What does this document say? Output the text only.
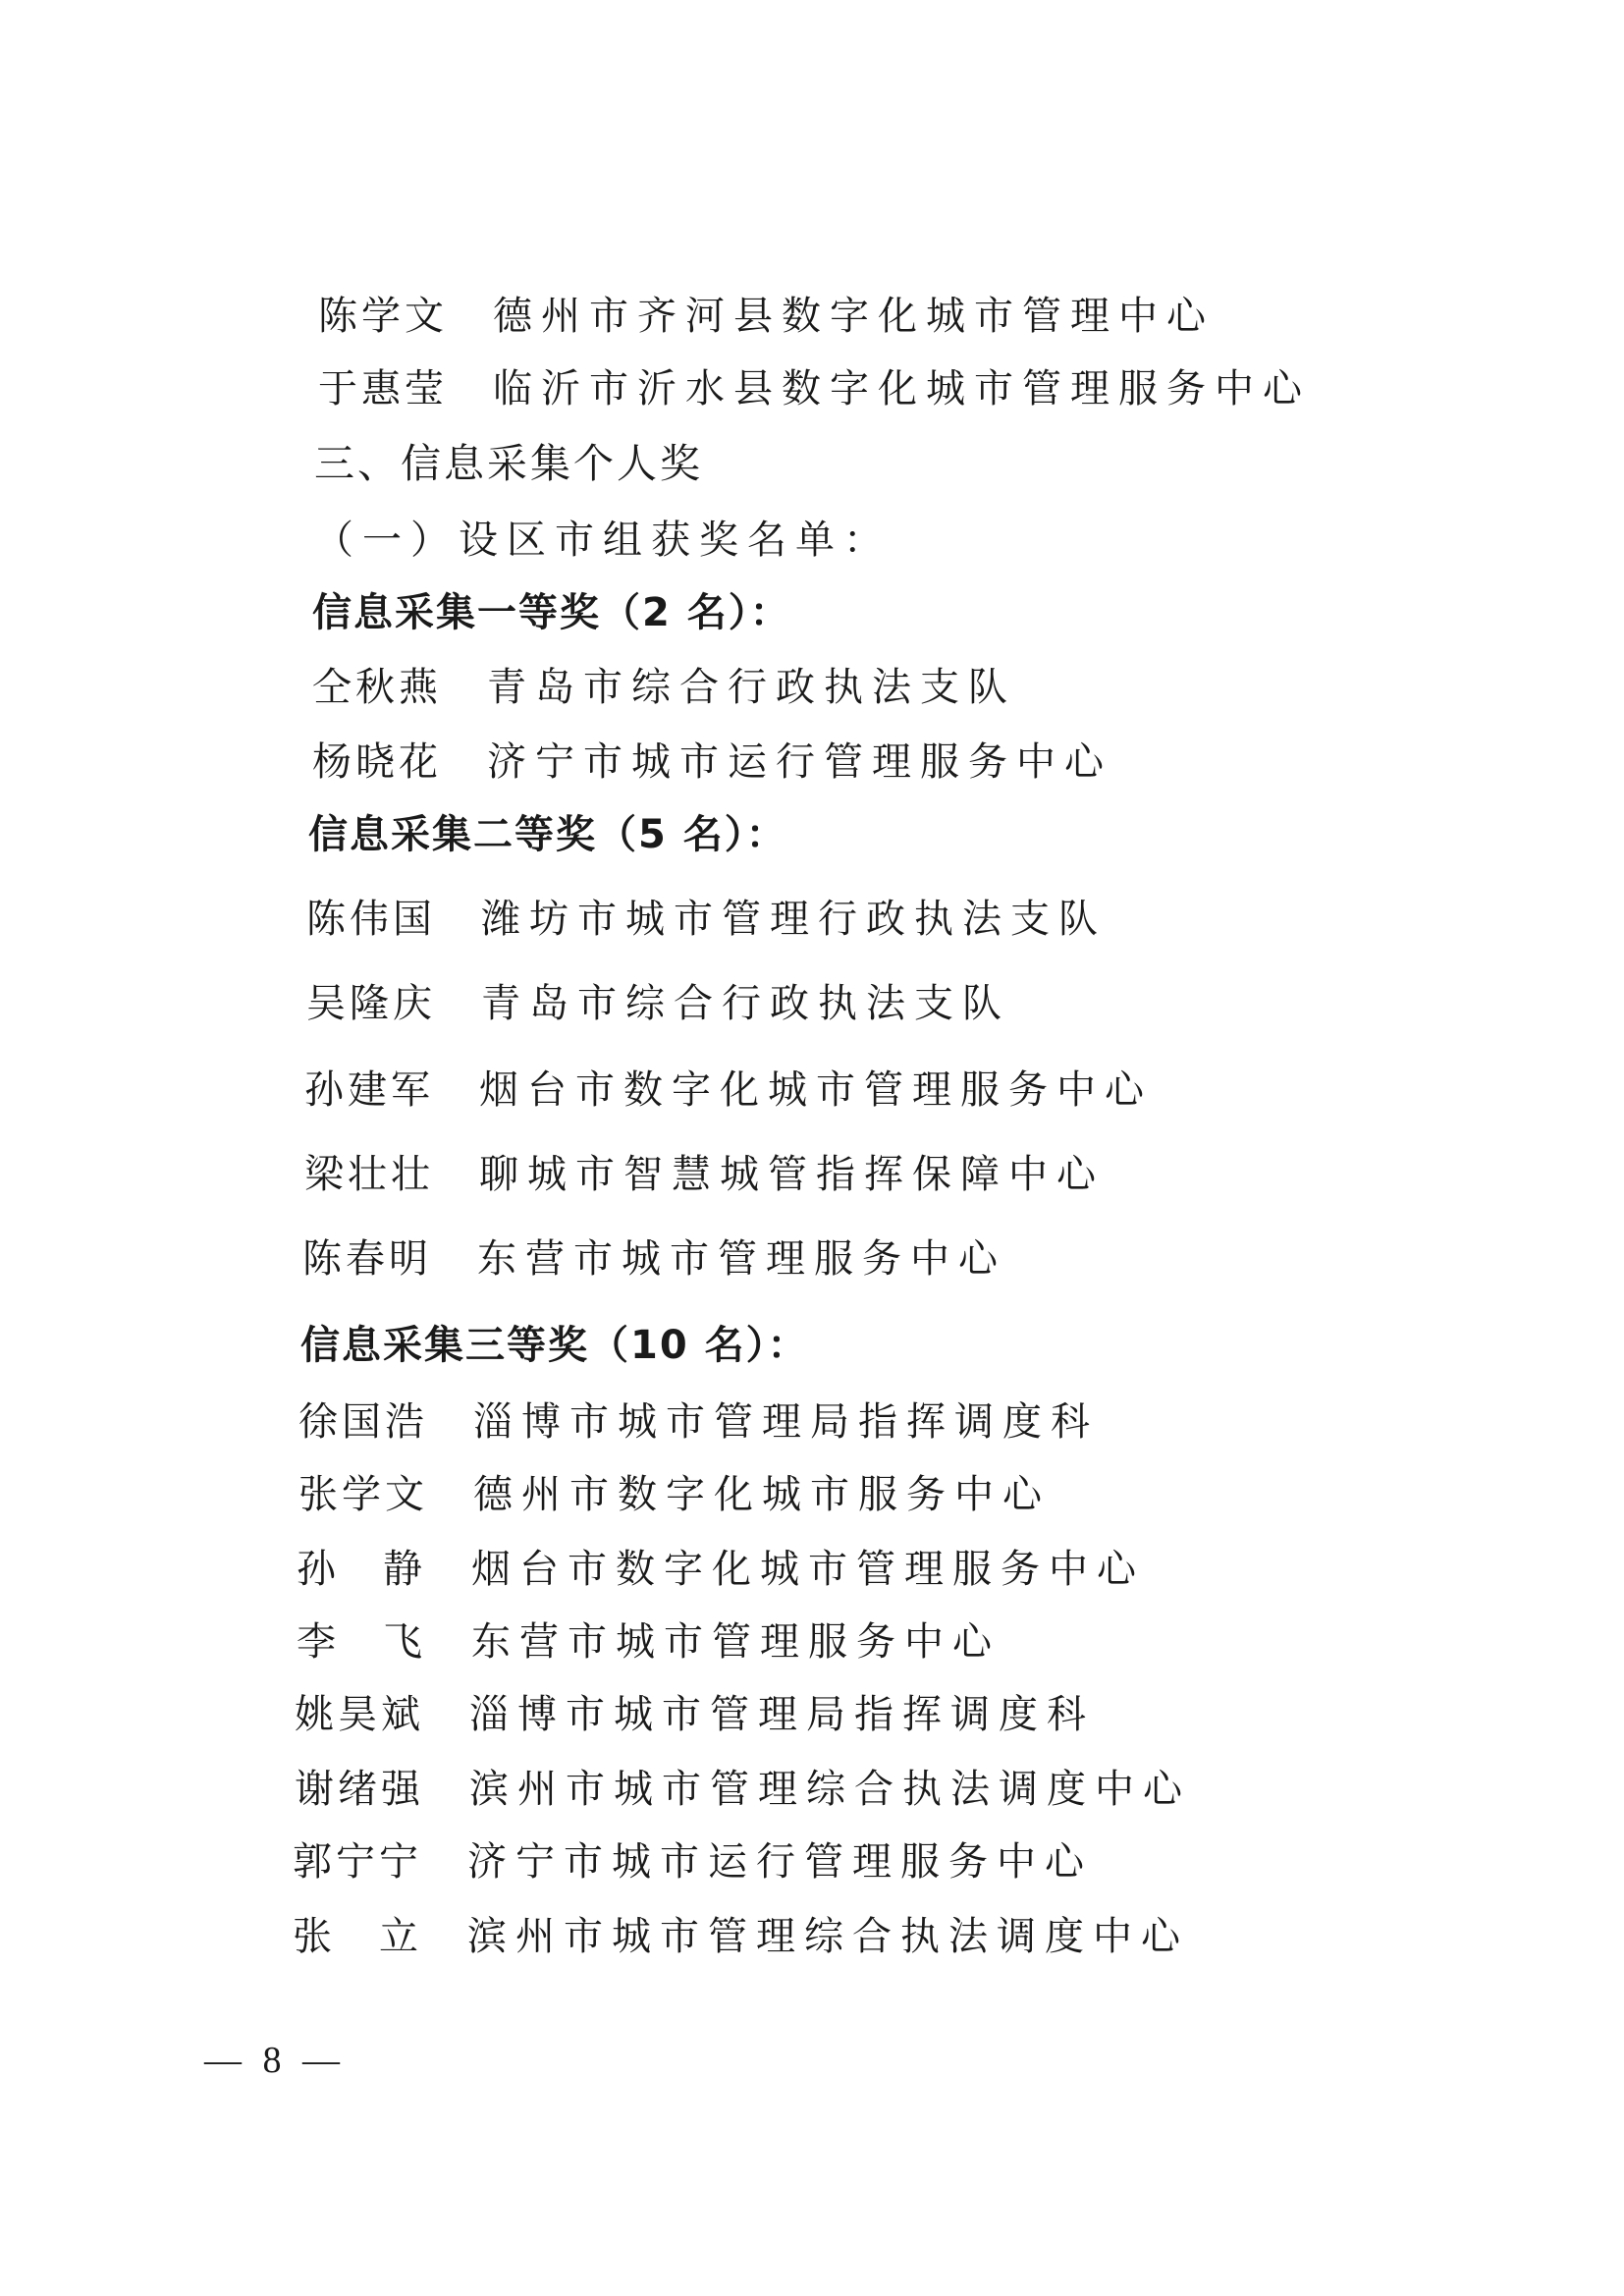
陈学文 德州市齐河县数字化城市管理中心
于惠莹 临沂市沂水县数字化城市管理服务中心
三、信息采集个人奖
（一）设区市组获奖名单：
信息采集一等奖（2 名）：
仝秋燕 青岛市综合行政执法支队
杨晓花 济宁市城市运行管理服务中心
信息采集二等奖（5 名）：
陈伟国 潍坊市城市管理行政执法支队
吴隆庆 青岛市综合行政执法支队
孙建军 烟台市数字化城市管理服务中心
梁壮壮 聊城市智慧城管指挥保障中心
陈春明 东营市城市管理服务中心
信息采集三等奖（10 名）：
徐国浩 淄博市城市管理局指挥调度科
张学文 德州市数字化城市服务中心
孙　静 烟台市数字化城市管理服务中心
李　飞 东营市城市管理服务中心
姚昊斌 淄博市城市管理局指挥调度科
谢绪强 滨州市城市管理综合执法调度中心
郭宁宁 济宁市城市运行管理服务中心
张　立 滨州市城市管理综合执法调度中心
— 8 —
